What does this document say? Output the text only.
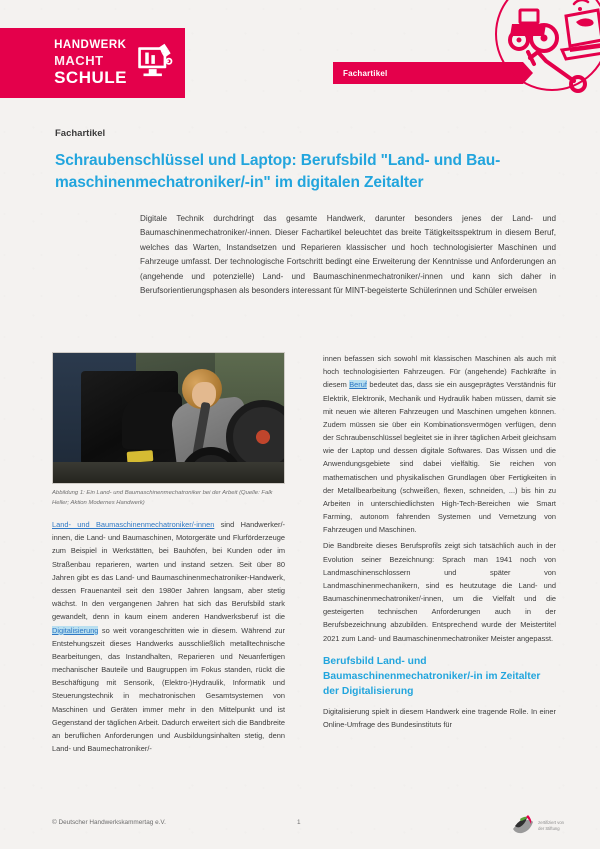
HANDWERK
MACHT
SCHULE	Fachartikel
Fachartikel
Schraubenschlüssel und Laptop: Berufsbild "Land- und Bau-
maschinenmechatroniker/-in" im digitalen Zeitalter
Digitale Technik durchdringt das gesamte Handwerk, darunter besonders jenes der Land- und Baumaschinenmechatroniker/-innen. Dieser Fachartikel beleuchtet das breite Tätigkeitsspektrum in diesem Beruf, welches das Warten, Instandsetzen und Reparieren klassischer und hoch technologisierter Maschinen und Fahrzeuge umfasst. Der technologische Fortschritt bedingt eine Erweiterung der Kenntnisse und Anforderungen an (angehende und potenzielle) Land- und Baumaschinenmechatroniker/-innen und kann sich daher in Berufsorientierungsphasen als besonders interessant für MINT-begeisterte Schülerinnen und Schüler erweisen
Abbildung 1: Ein Land- und Baumaschinenmechatroniker bei der Arbeit (Quelle: Falk Heller; Aktion Modernes Handwerk)

Land- und Baumaschinenmechatroniker/-innen sind Handwerker/-innen, die Land- und Baumaschinen, Motorgeräte und Flurförderzeuge zum Beispiel in Werkstätten, bei Bauhöfen, bei Kunden oder im Straßenbau reparieren, warten und instand setzen. Seit über 80 Jahren gibt es das Land- und Baumaschinenmechatroniker-Handwerk, dessen Frauenanteil seit den 1980er Jahren langsam, aber stetig wächst. In den vergangenen Jahren hat sich das Berufsbild stark gewandelt, denn in kaum einem anderen Handwerksberuf ist die Digitalisierung so weit vorangeschritten wie in diesem. Während zur Entstehungszeit dieses Handwerks ausschließlich metalltechnische Bearbeitungen, das Instandhalten, Reparieren und Neuanfertigen mechanischer Bauteile und Baugruppen im Fokus standen, rückt die Beschäftigung mit Sensorik, (Elektro-)Hydraulik, Informatik und Steuerungstechnik in mechatronischen Gesamtsystemen von Maschinen und Geräten immer mehr in den Mittelpunkt und ist Gegenstand der täglichen Arbeit. Dadurch erweitert sich die Bandbreite an beruflichen Anforderungen und Ausbildungsinhalten stetig, denn Land- und Baumechatroniker/-

innen befassen sich sowohl mit klassischen Maschinen als auch mit hoch technologisierten Fahrzeugen. Für (angehende) Fachkräfte in diesem Beruf bedeutet das, dass sie ein ausgeprägtes Verständnis für Elektrik, Elektronik, Mechanik und Hydraulik haben müssen, damit sie mit neuen wie älteren Fahrzeugen und Maschinen umgehen können. Zudem müssen sie über ein Kombinationsvermögen verfügen, denn der Schraubenschlüssel begleitet sie in ihrer täglichen Arbeit gleichsam wie der Laptop und dessen digitale Softwares. Das Wissen und die Anwendungsgebiete sind dabei vielfältig. Sie reichen von mathematischen und physikalischen Grundlagen über Fertigkeiten in der Metallbearbeitung (schweißen, flexen, schneiden, ...) bis hin zu Arbeiten in unterschiedlichsten High-Tech-Bereichen wie Smart Farming, autonom fahrenden Systemen und Vernetzung von Fahrzeugen und Maschinen.

Die Bandbreite dieses Berufsprofils zeigt sich tatsächlich auch in der Evolution seiner Bezeichnung: Sprach man 1941 noch von Landmaschinenschlossern und später von Landmaschinenmechanikern, sind es heutzutage die Land- und Baumaschinenmechatroniker/-innen, um die Vielfalt und die gesteigerten technischen Anforderungen auch in der Berufsbezeichnung abzubilden. Entsprechend wurde der Meistertitel 2021 zum Land- und Baumaschinenmechatroniker Meister angepasst.

Berufsbild Land- und Baumaschinenmechatroniker/-in im Zeitalter der Digitalisierung

Digitalisierung spielt in diesem Handwerk eine tragende Rolle. In einer Online-Umfrage des Bundesinstituts für

© Deutscher Handwerkskammertag e.V.	1	zertifiziert von
der Stiftung
